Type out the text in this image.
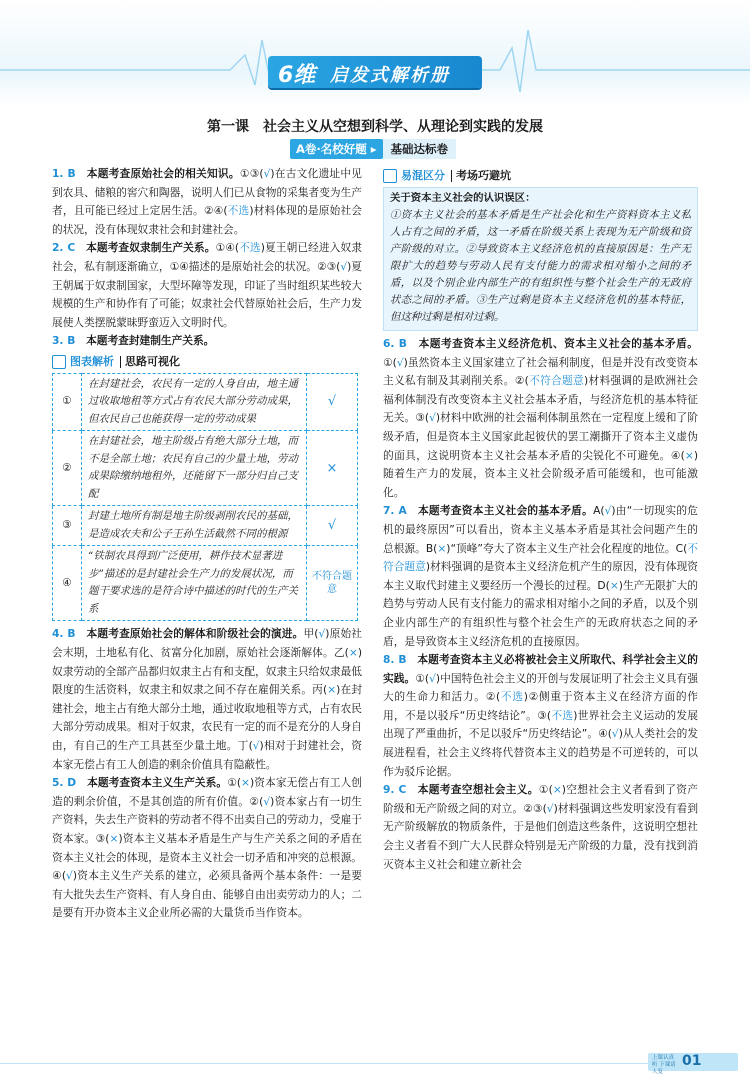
6维 启发式解析册
第一课　社会主义从空想到科学、从理论到实践的发展
A卷·名校好题 ▸ 基础达标卷

1. B　 本题考查原始社会的相关知识。①③(√)在古文化遗址中见到农具、储粮的窖穴和陶器，说明人们已从食物的采集者变为生产者，且可能已经过上定居生活。②④(不选)材料体现的是原始社会的状况，没有体现奴隶社会和封建社会。

2. C　 本题考查奴隶制生产关系。①④(不选)夏王朝已经进入奴隶社会，私有制逐渐确立，①④描述的是原始社会的状况。②③(√)夏王朝属于奴隶制国家，大型坏障等发现，印证了当时组织某些较大规模的生产和协作有了可能；奴隶社会代替原始社会后，生产力发展使人类摆脱蒙昧野蛮迈入文明时代。

3. B　 本题考查封建制生产关系。

图表解析 思路可视化
①	在封建社会，农民有一定的人身自由，地主通过收取地租等方式占有农民大部分劳动成果，但农民自己也能获得一定的劳动成果	√
②	在封建社会，地主阶级占有绝大部分土地，而不是全部土地；农民有自己的少量土地，劳动成果除缴纳地租外，还能留下一部分归自己支配	×
③	封建土地所有制是地主阶级剥削农民的基础，是造成农夫和公子王孙生活截然不同的根源	√
④	“铁制农具得到广泛使用，耕作技术显著进步”描述的是封建社会生产力的发展状况，而题干要求选的是符合诗中描述的时代的生产关系	不符合题意

4. B　 本题考查原始社会的解体和阶级社会的演进。甲(√)原始社会末期，土地私有化、贫富分化加剧，原始社会逐渐解体。乙(×)奴隶劳动的全部产品都归奴隶主占有和支配，奴隶主只给奴隶最低限度的生活资料，奴隶主和奴隶之间不存在雇佣关系。丙(×)在封建社会，地主占有绝大部分土地，通过收取地租等方式，占有农民大部分劳动成果。相对于奴隶，农民有一定的而不是充分的人身自由，有自己的生产工具甚至少量土地。丁(√)相对于封建社会，资本家无偿占有工人创造的剩余价值具有隐蔽性。

5. D　 本题考查资本主义生产关系。①(×)资本家无偿占有工人创造的剩余价值，不是其创造的所有价值。②(√)资本家占有一切生产资料，失去生产资料的劳动者不得不出卖自己的劳动力，受雇于资本家。③(×)资本主义基本矛盾是生产与生产关系之间的矛盾在资本主义社会的体现，是资本主义社会一切矛盾和冲突的总根源。④(√)资本主义生产关系的建立，必须具备两个基本条件：一是要有大批失去生产资料、有人身自由、能够自由出卖劳动力的人；二是要有开办资本主义企业所必需的大量货币当作资本。

易混区分 考场巧避坑

关于资本主义社会的认识误区：

①资本主义社会的基本矛盾是生产社会化和生产资料资本主义私人占有之间的矛盾，这一矛盾在阶级关系上表现为无产阶级和资产阶级的对立。②导致资本主义经济危机的直接原因是：生产无限扩大的趋势与劳动人民有支付能力的需求相对缩小之间的矛盾，以及个别企业内部生产的有组织性与整个社会生产的无政府状态之间的矛盾。③生产过剩是资本主义经济危机的基本特征，但这种过剩是相对过剩。

6. B　 本题考查资本主义经济危机、资本主义社会的基本矛盾。①(√)虽然资本主义国家建立了社会福利制度，但是并没有改变资本主义私有制及其剥削关系。②(不符合题意)材料强调的是欧洲社会福利体制没有改变资本主义社会基本矛盾，与经济危机的基本特征无关。③(√)材料中欧洲的社会福利体制虽然在一定程度上缓和了阶级矛盾，但是资本主义国家此起彼伏的罢工潮撕开了资本主义虚伪的面具，这说明资本主义社会基本矛盾的尖锐化不可避免。④(×)随着生产力的发展，资本主义社会阶级矛盾可能缓和，也可能激化。

7. A　 本题考查资本主义社会的基本矛盾。A(√)由“一切现实的危机的最终原因”可以看出，资本主义基本矛盾是其社会问题产生的总根源。B(×)“顶峰”夸大了资本主义生产社会化程度的地位。C(不符合题意)材料强调的是资本主义经济危机产生的原因，没有体现资本主义取代封建主义要经历一个漫长的过程。D(×)生产无限扩大的趋势与劳动人民有支付能力的需求相对缩小之间的矛盾，以及个别企业内部生产的有组织性与整个社会生产的无政府状态之间的矛盾，是导致资本主义经济危机的直接原因。

8. B　 本题考查资本主义必将被社会主义所取代、科学社会主义的实践。①(√)中国特色社会主义的开创与发展证明了社会主义具有强大的生命力和活力。②(不选)②侧重于资本主义在经济方面的作用，不是以驳斥“历史终结论”。③(不选)世界社会主义运动的发展出现了严重曲折，不足以驳斥“历史终结论”。④(√)从人类社会的发展进程看，社会主义终将代替资本主义的趋势是不可逆转的，可以作为驳斥论据。

9. C　 本题考查空想社会主义。①(×)空想社会主义者看到了资产阶级和无产阶级之间的对立。②③(√)材料强调这些发明家没有看到无产阶级解放的物质条件，于是他们创造这些条件，这说明空想社会主义者看不到广大人民群众特别是无产阶级的力量，没有找到消灭资本主义社会和建立新社会

上课认真听 下课请人复
01
